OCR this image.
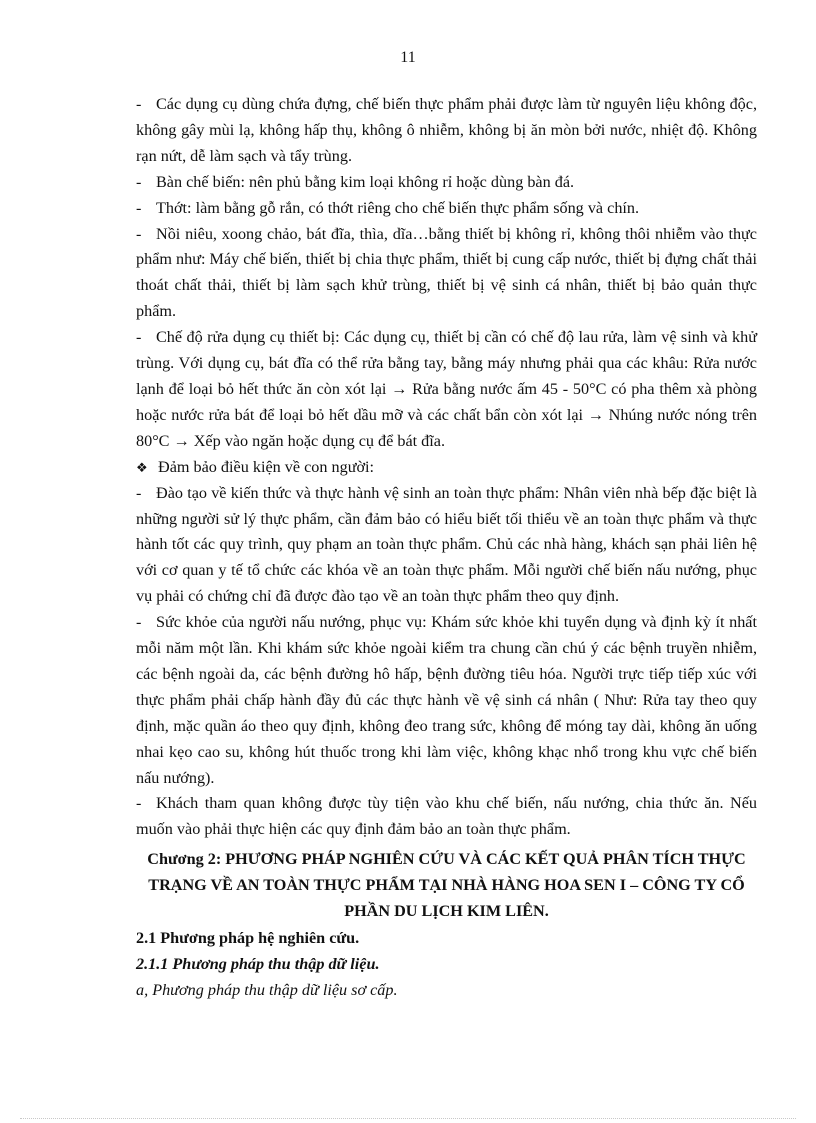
11

- Các dụng cụ dùng chứa đựng, chế biến thực phẩm phải được làm từ nguyên liệu không độc, không gây mùi lạ, không hấp thụ, không ô nhiễm, không bị ăn mòn bởi nước, nhiệt độ. Không rạn nứt, dễ làm sạch và tẩy trùng.

- Bàn chế biến: nên phủ bằng kim loại không rỉ hoặc dùng bàn đá.

- Thớt: làm bằng gỗ rắn, có thớt riêng cho chế biến thực phẩm sống và chín.

- Nồi niêu, xoong chảo, bát đĩa, thìa, dĩa…bằng thiết bị không rỉ, không thôi nhiễm vào thực phẩm như: Máy chế biến, thiết bị chia thực phẩm, thiết bị cung cấp nước, thiết bị đựng chất thải thoát chất thải, thiết bị làm sạch khử trùng, thiết bị vệ sinh cá nhân, thiết bị bảo quản thực phẩm.

- Chế độ rửa dụng cụ thiết bị: Các dụng cụ, thiết bị cần có chế độ lau rửa, làm vệ sinh và khử trùng. Với dụng cụ, bát đĩa có thể rửa bằng tay, bằng máy nhưng phải qua các khâu: Rửa nước lạnh để loại bỏ hết thức ăn còn xót lại → Rửa bằng nước ấm 45 - 50°C có pha thêm xà phòng hoặc nước rửa bát để loại bỏ hết dầu mỡ và các chất bẩn còn xót lại → Nhúng nước nóng trên 80°C → Xếp vào ngăn hoặc dụng cụ để bát đĩa.

❖ Đảm bảo điều kiện về con người:

- Đào tạo về kiến thức và thực hành vệ sinh an toàn thực phẩm: Nhân viên nhà bếp đặc biệt là những người sử lý thực phẩm, cần đảm bảo có hiểu biết tối thiểu về an toàn thực phẩm và thực hành tốt các quy trình, quy phạm an toàn thực phẩm. Chủ các nhà hàng, khách sạn phải liên hệ với cơ quan y tế tổ chức các khóa về an toàn thực phẩm. Mỗi người chế biến nấu nướng, phục vụ phải có chứng chỉ đã được đào tạo về an toàn thực phẩm theo quy định.

- Sức khỏe của người nấu nướng, phục vụ: Khám sức khỏe khi tuyển dụng và định kỳ ít nhất mỗi năm một lần. Khi khám sức khỏe ngoài kiểm tra chung cần chú ý các bệnh truyền nhiễm, các bệnh ngoài da, các bệnh đường hô hấp, bệnh đường tiêu hóa. Người trực tiếp tiếp xúc với thực phẩm phải chấp hành đầy đủ các thực hành về vệ sinh cá nhân ( Như: Rửa tay theo quy định, mặc quần áo theo quy định, không đeo trang sức, không để móng tay dài, không ăn uống nhai kẹo cao su, không hút thuốc trong khi làm việc, không khạc nhổ trong khu vực chế biến nấu nướng).

- Khách tham quan không được tùy tiện vào khu chế biến, nấu nướng, chia thức ăn. Nếu muốn vào phải thực hiện các quy định đảm bảo an toàn thực phẩm.

Chương 2: PHƯƠNG PHÁP NGHIÊN CỨU VÀ CÁC KẾT QUẢ PHÂN TÍCH THỰC TRẠNG VỀ AN TOÀN THỰC PHẨM TẠI NHÀ HÀNG HOA SEN I – CÔNG TY CỔ PHẦN DU LỊCH KIM LIÊN.

2.1 Phương pháp hệ nghiên cứu.

2.1.1 Phương pháp thu thập dữ liệu.

a, Phương pháp thu thập dữ liệu sơ cấp.
